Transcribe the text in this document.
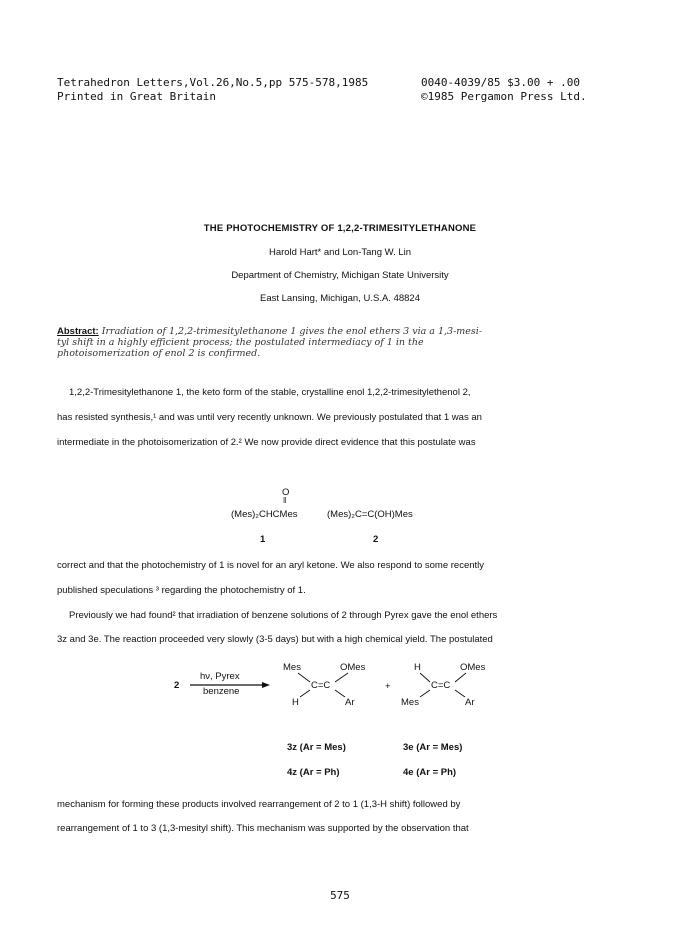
Tetrahedron Letters,Vol.26,No.5,pp 575-578,1985
Printed in Great Britain
0040-4039/85 $3.00 + .00
©1985 Pergamon Press Ltd.
THE PHOTOCHEMISTRY OF 1,2,2-TRIMESITYLETHANONE
Harold Hart* and Lon-Tang W. Lin
Department of Chemistry, Michigan State University
East Lansing, Michigan, U.S.A. 48824
Abstract: Irradiation of 1,2,2-trimesitylethanone 1 gives the enol ethers 3 via a 1,3-mesi-
tyl shift in a highly efficient process; the postulated intermediacy of 1 in the
photoisomerization of enol 2 is confirmed.
1,2,2-Trimesitylethanone 1, the keto form of the stable, crystalline enol 1,2,2-trimesitylethenol 2,
has resisted synthesis,¹ and was until very recently unknown. We previously postulated that 1 was an
intermediate in the photoisomerization of 2.² We now provide direct evidence that this postulate was
O
‖
(Mes)₂CHCMes	(Mes)₂C=C(OH)Mes
1	2
correct and that the photochemistry of 1 is novel for an aryl ketone. We also respond to some recently
published speculations ³ regarding the photochemistry of 1.
Previously we had found² that irradiation of benzene solutions of 2 through Pyrex gave the enol ethers
3z and 3e. The reaction proceeded very slowly (3-5 days) but with a high chemical yield. The postulated
2
hν, Pyrex
benzene
Mes	OMes
C=C
H	Ar
+
H	OMes
C=C
Mes	Ar
3z (Ar = Mes)	3e (Ar = Mes)
4z (Ar = Ph)	4e (Ar = Ph)
mechanism for forming these products involved rearrangement of 2 to 1 (1,3-H shift) followed by
rearrangement of 1 to 3 (1,3-mesityl shift). This mechanism was supported by the observation that
575
